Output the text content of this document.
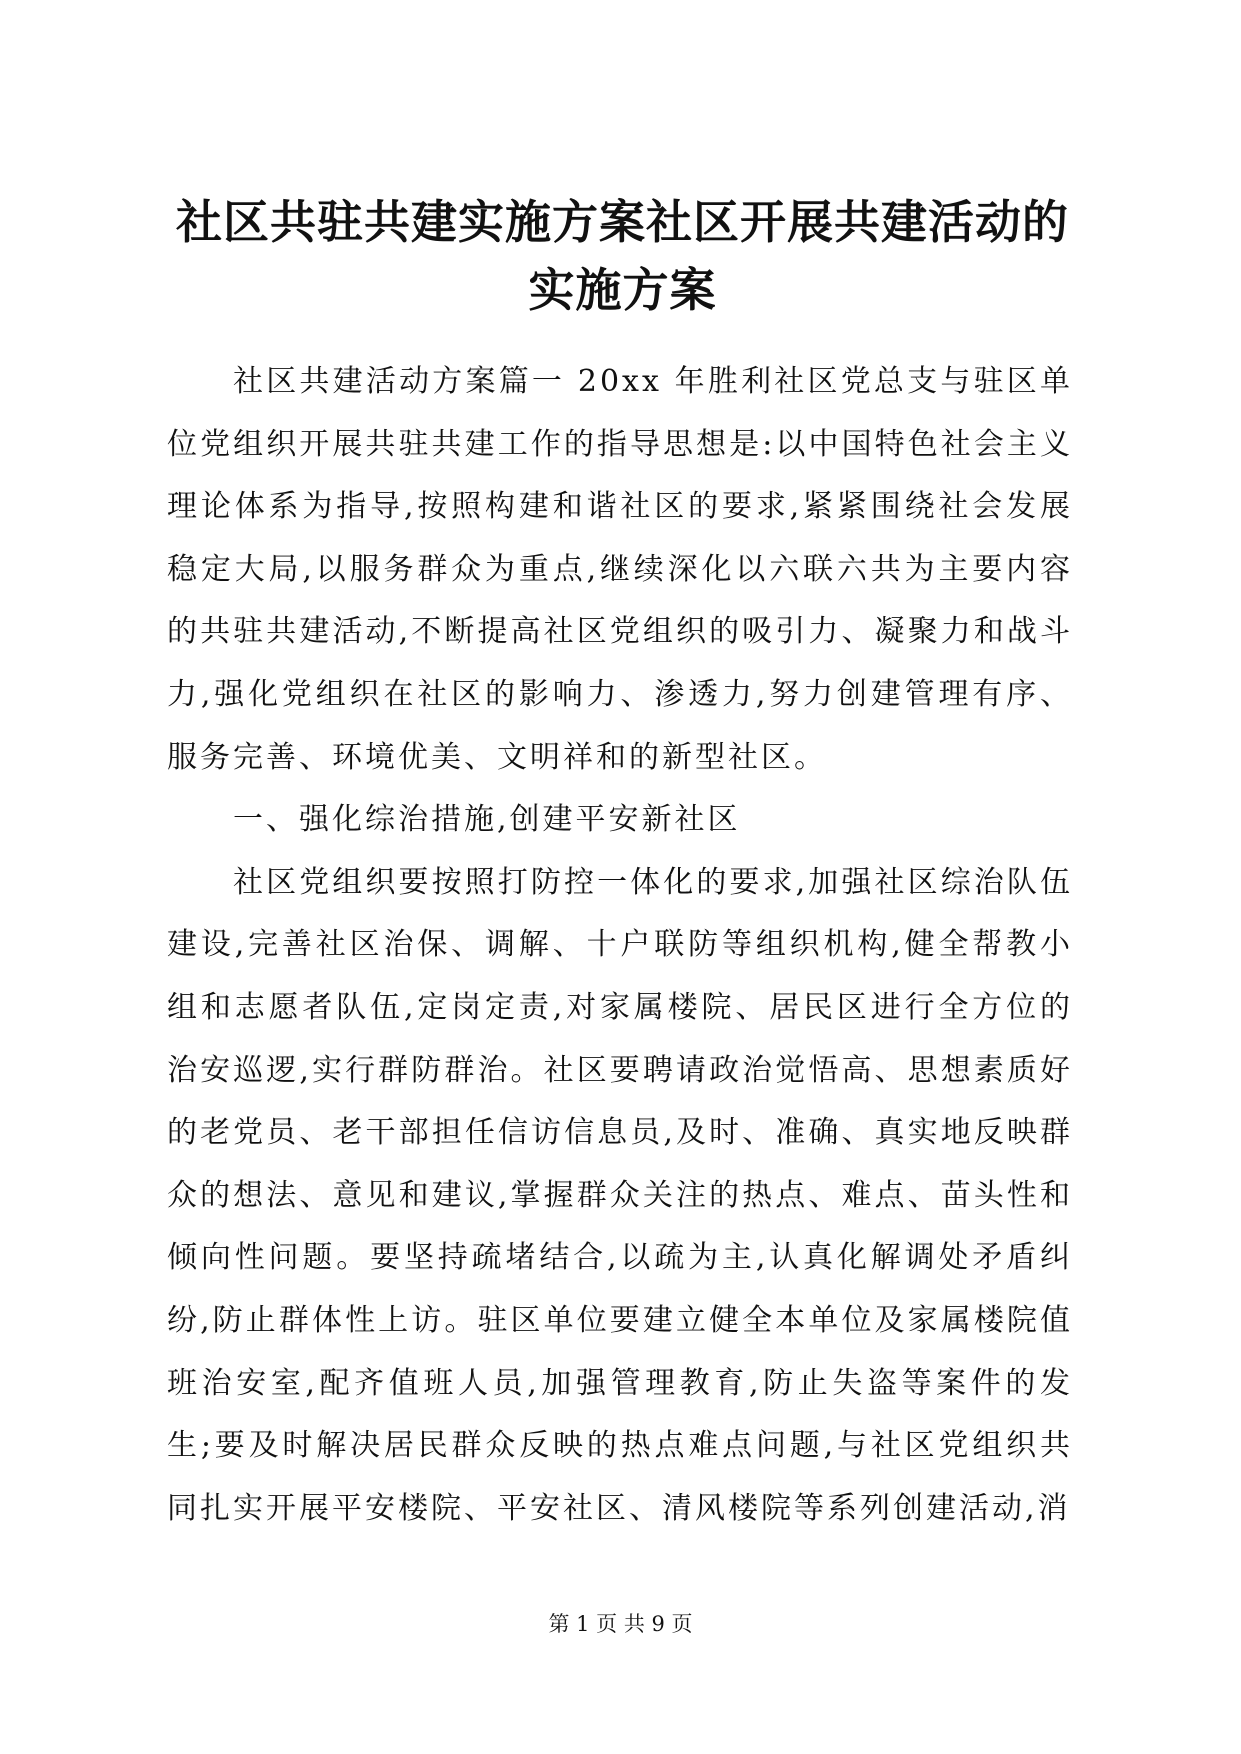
社区共驻共建实施方案社区开展共建活动的实施方案

社区共建活动方案篇一 20xx 年胜利社区党总支与驻区单位党组织开展共驻共建工作的指导思想是:以中国特色社会主义理论体系为指导,按照构建和谐社区的要求,紧紧围绕社会发展稳定大局,以服务群众为重点,继续深化以六联六共为主要内容的共驻共建活动,不断提高社区党组织的吸引力、凝聚力和战斗力,强化党组织在社区的影响力、渗透力,努力创建管理有序、服务完善、环境优美、文明祥和的新型社区。

一、强化综治措施,创建平安新社区

社区党组织要按照打防控一体化的要求,加强社区综治队伍建设,完善社区治保、调解、十户联防等组织机构,健全帮教小组和志愿者队伍,定岗定责,对家属楼院、居民区进行全方位的治安巡逻,实行群防群治。社区要聘请政治觉悟高、思想素质好的老党员、老干部担任信访信息员,及时、准确、真实地反映群众的想法、意见和建议,掌握群众关注的热点、难点、苗头性和倾向性问题。要坚持疏堵结合,以疏为主,认真化解调处矛盾纠纷,防止群体性上访。驻区单位要建立健全本单位及家属楼院值班治安室,配齐值班人员,加强管理教育,防止失盗等案件的发生;要及时解决居民群众反映的热点难点问题,与社区党组织共同扎实开展平安楼院、平安社区、清风楼院等系列创建活动,消

第 1 页 共 9 页
